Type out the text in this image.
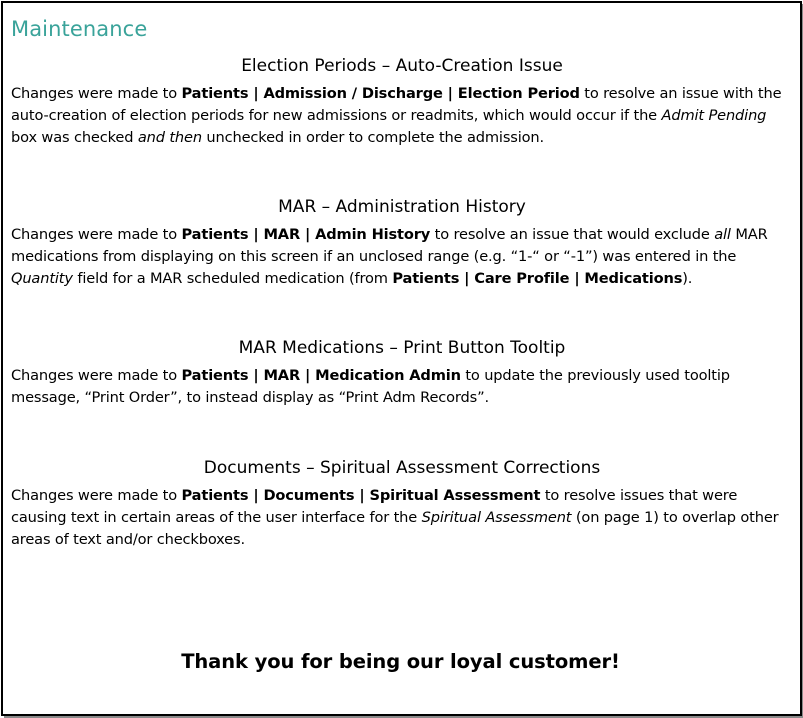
Maintenance
Election Periods – Auto-Creation Issue

Changes were made to Patients | Admission / Discharge | Election Period to resolve an issue with the auto-creation of election periods for new admissions or readmits, which would occur if the Admit Pending box was checked and then unchecked in order to complete the admission.

MAR – Administration History

Changes were made to Patients | MAR | Admin History to resolve an issue that would exclude all MAR medications from displaying on this screen if an unclosed range (e.g. “1-“ or “-1”) was entered in the Quantity field for a MAR scheduled medication (from Patients | Care Profile | Medications).

MAR Medications – Print Button Tooltip

Changes were made to Patients | MAR | Medication Admin to update the previously used tooltip message, “Print Order”, to instead display as “Print Adm Records”.

Documents – Spiritual Assessment Corrections

Changes were made to Patients | Documents | Spiritual Assessment to resolve issues that were causing text in certain areas of the user interface for the Spiritual Assessment (on page 1) to overlap other areas of text and/or checkboxes.

Thank you for being our loyal customer!
